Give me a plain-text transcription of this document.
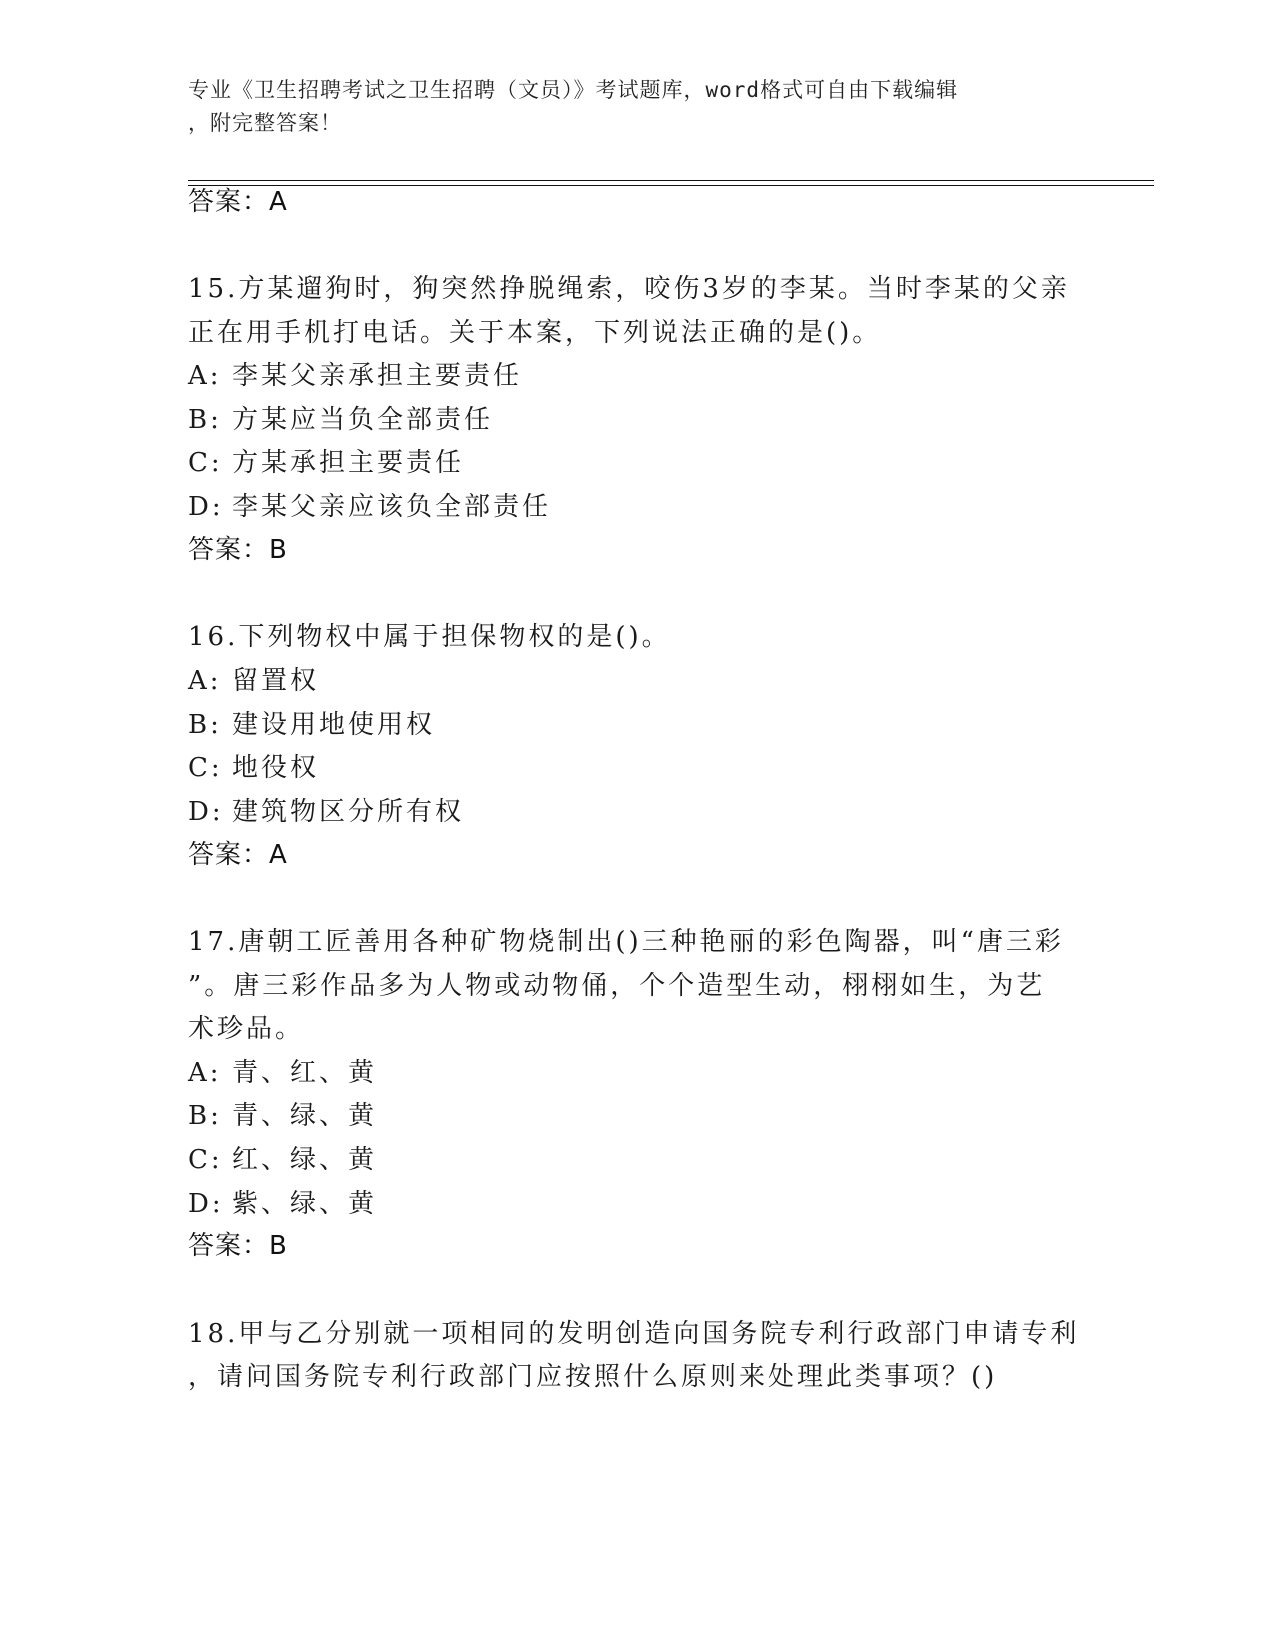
专业《卫生招聘考试之卫生招聘（文员）》考试题库，word格式可自由下载编辑
，附完整答案！
答案：A
15.方某遛狗时，狗突然挣脱绳索，咬伤3岁的李某。当时李某的父亲
正在用手机打电话。关于本案，下列说法正确的是()。
A: 李某父亲承担主要责任
B: 方某应当负全部责任
C: 方某承担主要责任
D: 李某父亲应该负全部责任
答案：B
16.下列物权中属于担保物权的是()。
A: 留置权
B: 建设用地使用权
C: 地役权
D: 建筑物区分所有权
答案：A
17.唐朝工匠善用各种矿物烧制出()三种艳丽的彩色陶器，叫“唐三彩
”。唐三彩作品多为人物或动物俑，个个造型生动，栩栩如生，为艺
术珍品。
A: 青、红、黄
B: 青、绿、黄
C: 红、绿、黄
D: 紫、绿、黄
答案：B
18.甲与乙分别就一项相同的发明创造向国务院专利行政部门申请专利
，请问国务院专利行政部门应按照什么原则来处理此类事项？()
